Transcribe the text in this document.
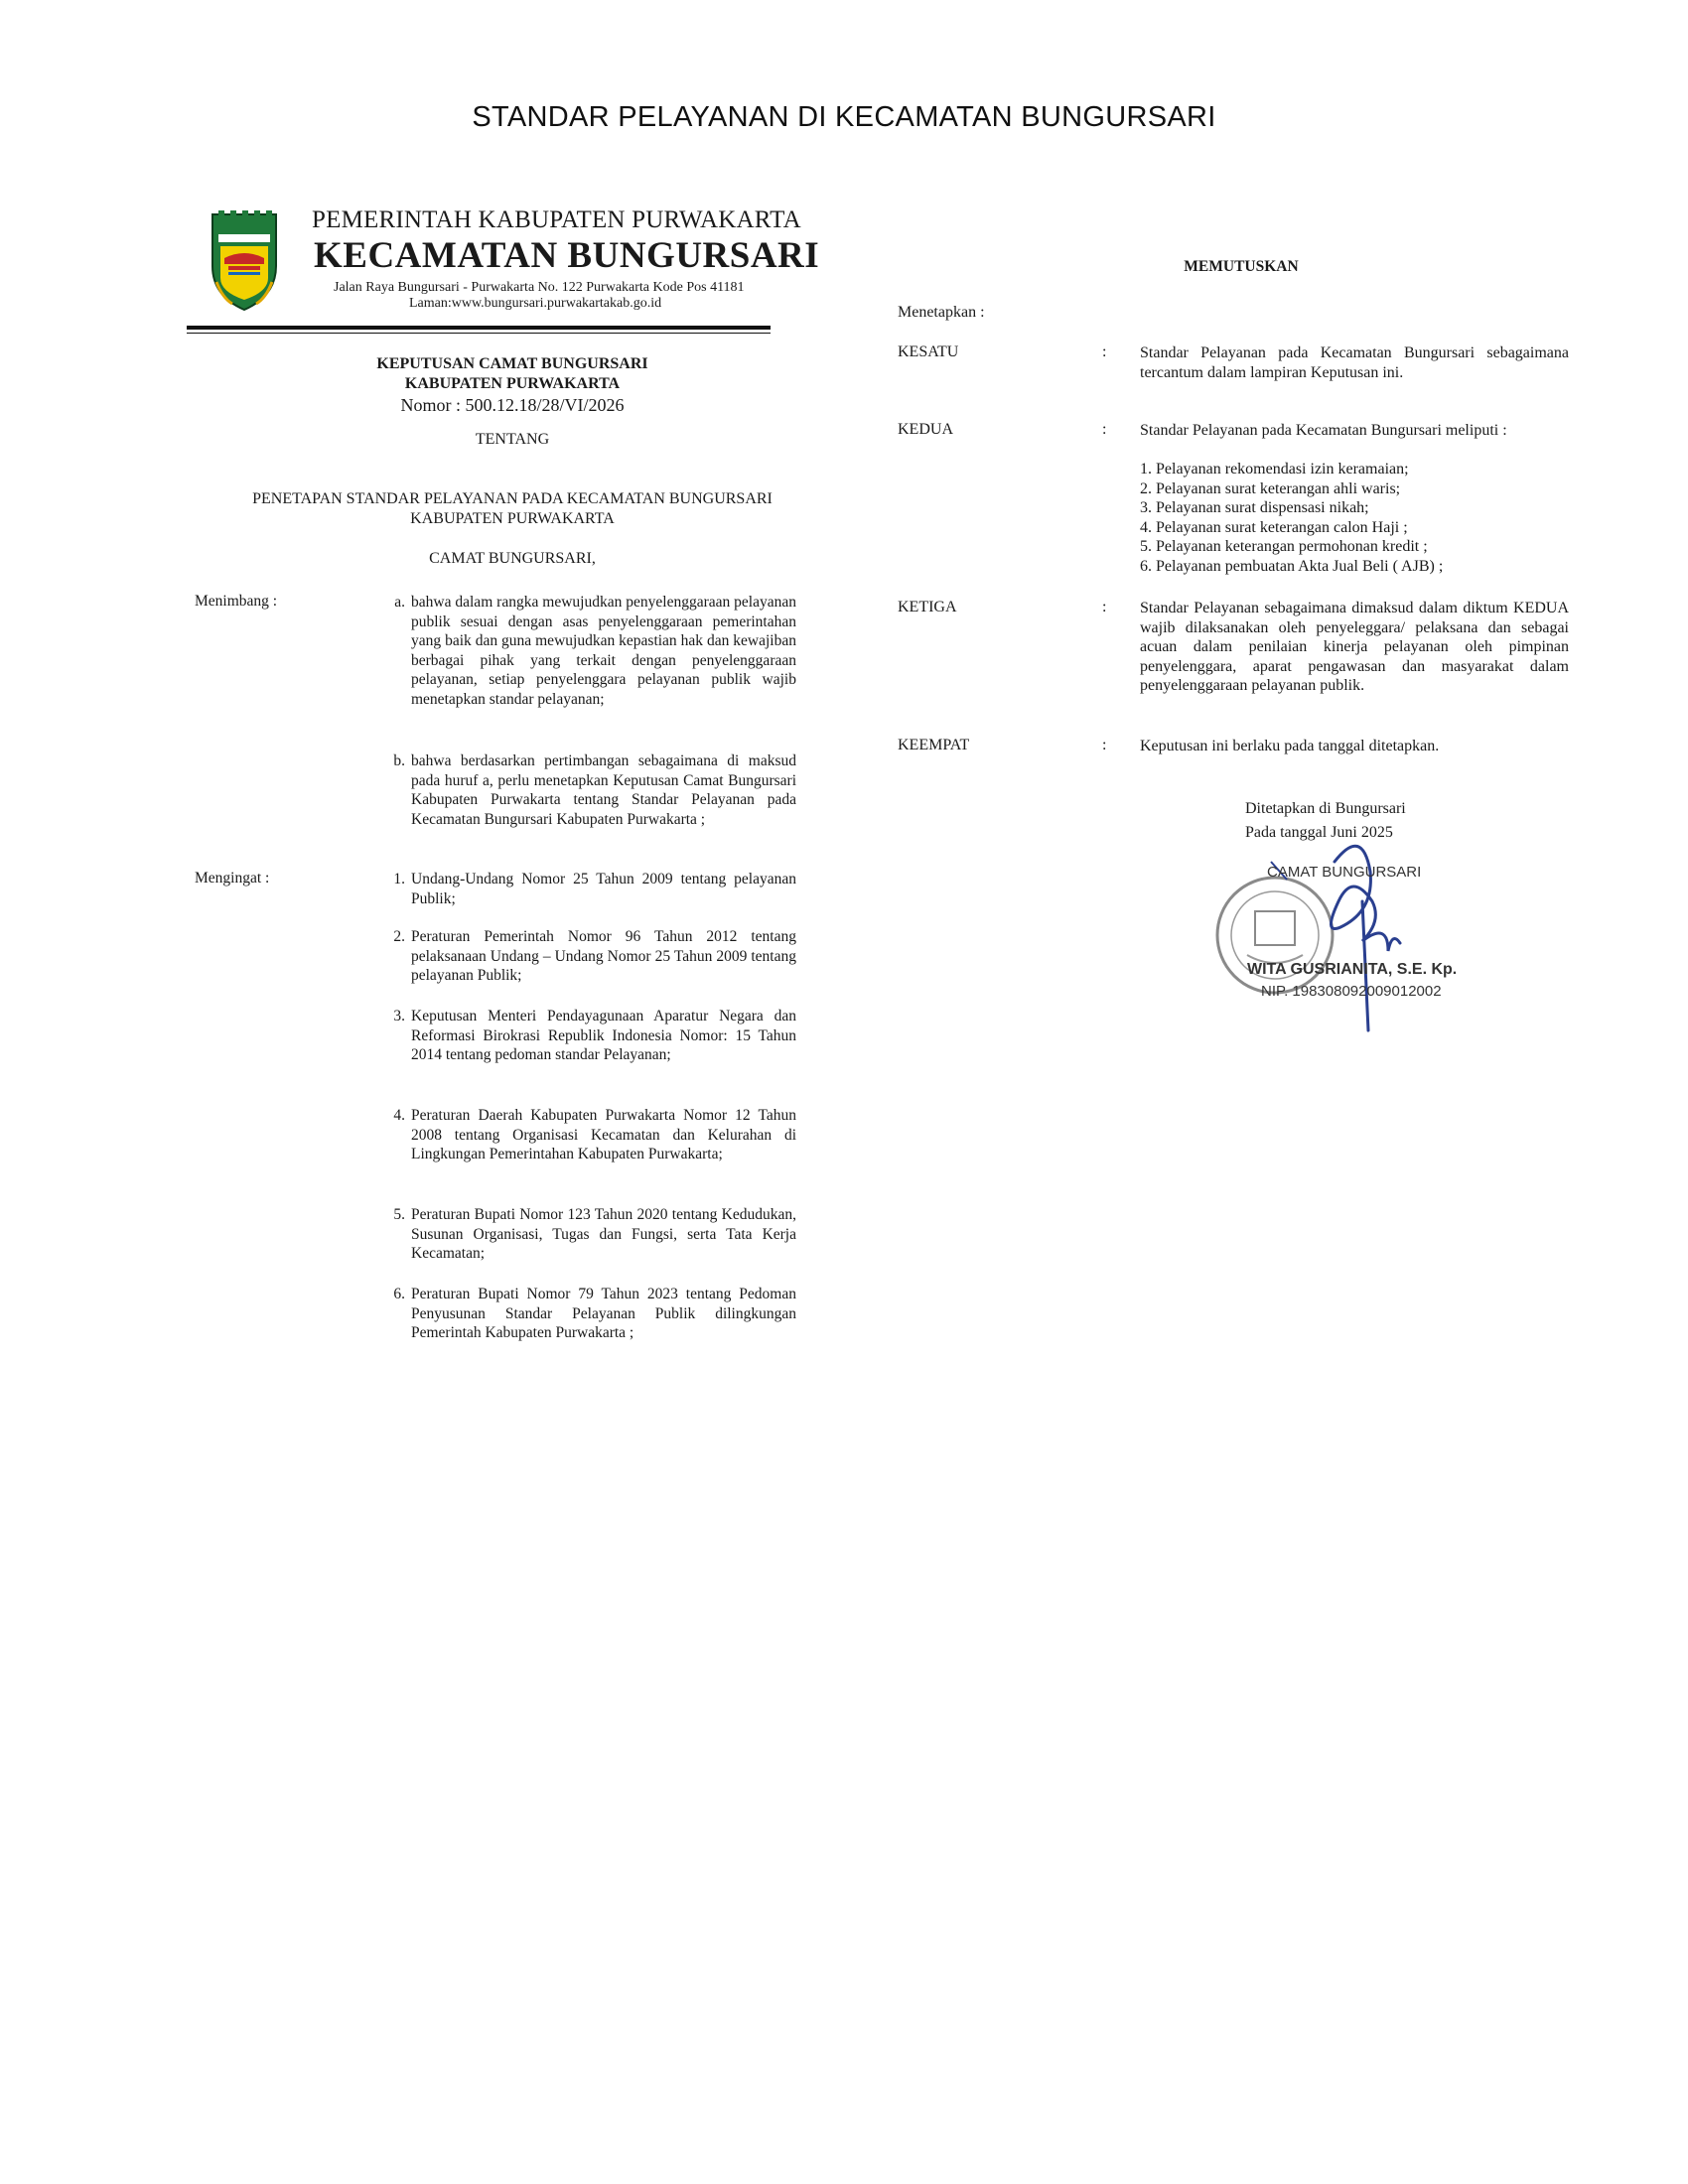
STANDAR PELAYANAN DI KECAMATAN BUNGURSARI
PEMERINTAH KABUPATEN PURWAKARTA
KECAMATAN BUNGURSARI
Jalan Raya Bungursari - Purwakarta No. 122 Purwakarta Kode Pos 41181
Laman:www.bungursari.purwakartakab.go.id
KEPUTUSAN CAMAT BUNGURSARI
KABUPATEN PURWAKARTA
Nomor : 500.12.18/28/VI/2026
TENTANG
PENETAPAN STANDAR PELAYANAN PADA KECAMATAN BUNGURSARI
KABUPATEN PURWAKARTA
CAMAT BUNGURSARI,
Menimbang :	a. bahwa dalam rangka mewujudkan penyelenggaraan pelayanan publik sesuai dengan asas penyelenggaraan pemerintahan yang baik dan guna mewujudkan kepastian hak dan kewajiban berbagai pihak yang terkait dengan penyelenggaraan pelayanan, setiap penyelenggara pelayanan publik wajib menetapkan standar pelayanan;
b. bahwa berdasarkan pertimbangan sebagaimana di maksud pada huruf a, perlu menetapkan Keputusan Camat Bungursari Kabupaten Purwakarta tentang Standar Pelayanan pada Kecamatan Bungursari Kabupaten Purwakarta ;
Mengingat :	1. Undang-Undang Nomor 25 Tahun 2009 tentang pelayanan Publik;
2. Peraturan Pemerintah Nomor 96 Tahun 2012 tentang pelaksanaan Undang – Undang Nomor 25 Tahun 2009 tentang pelayanan Publik;
3. Keputusan Menteri Pendayagunaan Aparatur Negara dan Reformasi Birokrasi Republik Indonesia Nomor: 15 Tahun 2014 tentang pedoman standar Pelayanan;
4. Peraturan Daerah Kabupaten Purwakarta Nomor 12 Tahun 2008 tentang Organisasi Kecamatan dan Kelurahan di Lingkungan Pemerintahan Kabupaten Purwakarta;
5. Peraturan Bupati Nomor 123 Tahun 2020 tentang Kedudukan, Susunan Organisasi, Tugas dan Fungsi, serta Tata Kerja Kecamatan;
6. Peraturan Bupati Nomor 79 Tahun 2023 tentang Pedoman Penyusunan Standar Pelayanan Publik dilingkungan Pemerintah Kabupaten Purwakarta ;
MEMUTUSKAN
Menetapkan :
KESATU	: Standar Pelayanan pada Kecamatan Bungursari sebagaimana tercantum dalam lampiran Keputusan ini.
KEDUA	: Standar Pelayanan pada Kecamatan Bungursari meliputi :
1. Pelayanan rekomendasi izin keramaian;
2. Pelayanan surat keterangan ahli waris;
3. Pelayanan surat dispensasi nikah;
4. Pelayanan surat keterangan calon Haji ;
5. Pelayanan keterangan permohonan kredit ;
6. Pelayanan pembuatan Akta Jual Beli ( AJB) ;
KETIGA	: Standar Pelayanan sebagaimana dimaksud dalam diktum KEDUA wajib dilaksanakan oleh penyeleggara/ pelaksana dan sebagai acuan dalam penilaian kinerja pelayanan oleh pimpinan penyelenggara, aparat pengawasan dan masyarakat dalam penyelenggaraan pelayanan publik.
KEEMPAT	: Keputusan ini berlaku pada tanggal ditetapkan.
Ditetapkan di Bungursari
Pada tanggal Juni 2025
CAMAT BUNGURSARI
WITA GUSRIANITA, S.E. Kp.
NIP. 198308092009012002
